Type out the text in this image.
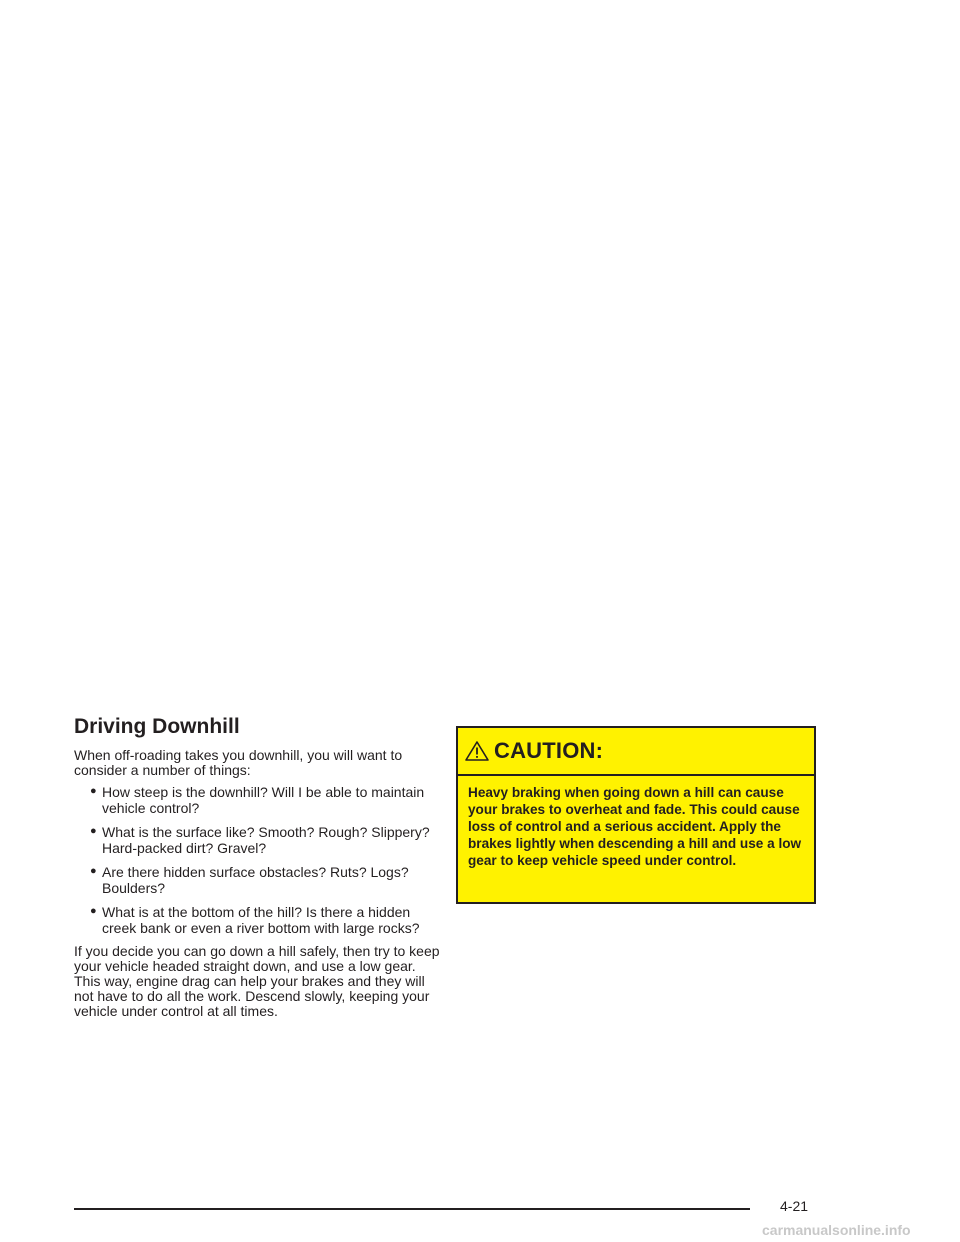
Driving Downhill

When off-roading takes you downhill, you will want to consider a number of things:

● How steep is the downhill? Will I be able to maintain vehicle control?
● What is the surface like? Smooth? Rough? Slippery? Hard-packed dirt? Gravel?
● Are there hidden surface obstacles? Ruts? Logs? Boulders?
● What is at the bottom of the hill? Is there a hidden creek bank or even a river bottom with large rocks?

If you decide you can go down a hill safely, then try to keep your vehicle headed straight down, and use a low gear. This way, engine drag can help your brakes and they will not have to do all the work. Descend slowly, keeping your vehicle under control at all times.

CAUTION:
Heavy braking when going down a hill can cause your brakes to overheat and fade. This could cause loss of control and a serious accident. Apply the brakes lightly when descending a hill and use a low gear to keep vehicle speed under control.
4-21
carmanualsonline.info
